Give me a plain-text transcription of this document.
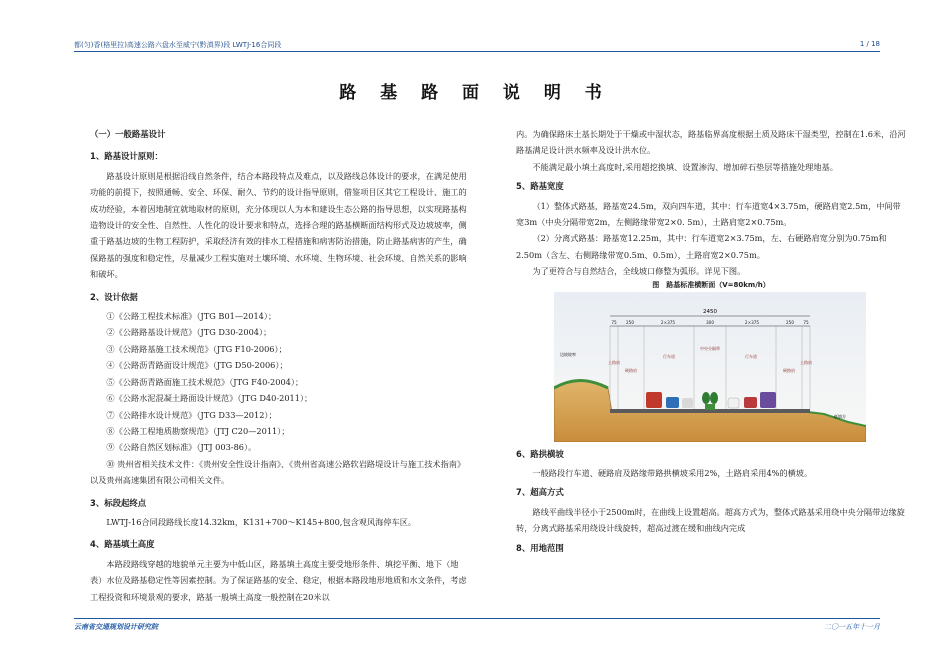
都(匀)香(格里拉)高速公路六盘水至威宁(黔滇界)段 LWTJ-16合同段	1 / 18
路 基 路 面 说 明 书
（一）一般路基设计
1、路基设计原则：

路基设计原则是根据沿线自然条件，结合本路段特点及难点，以及路线总体设计的要求，在满足使用功能的前提下，按照通畅、安全、环保、耐久、节约的设计指导原则，借鉴项目区其它工程设计、施工的成功经验，本着因地制宜就地取材的原则，充分体现以人为本和建设生态公路的指导思想，以实现路基构造物设计的安全性、自然性、人性化的设计要求和特点，选择合理的路基横断面结构形式及边坡坡率，侧重于路基边坡的生物工程防护，采取经济有效的排水工程措施和病害防治措施，防止路基病害的产生，确保路基的强度和稳定性，尽量减少工程实施对土壤环境、水环境、生物环境、社会环境、自然关系的影响和破坏。

2、设计依据

①《公路工程技术标准》（JTG B01—2014）；

②《公路路基设计规范》（JTG D30-2004）；

③《公路路基施工技术规范》（JTG F10-2006）；

④《公路沥青路面设计规范》（JTG D50-2006）；

⑤《公路沥青路面施工技术规范》（JTG F40-2004）；

⑥《公路水泥混凝土路面设计规范》（JTG D40-2011）；

⑦《公路排水设计规范》（JTG D33—2012）；

⑧《公路工程地质勘察规范》（JTJ C20—2011）；

⑨《公路自然区划标准》（JTJ 003-86）。

⑩ 贵州省相关技术文件：《贵州安全性设计指南》、《贵州省高速公路软岩路堤设计与施工技术指南》以及贵州高速集团有限公司相关文件。

3、标段起终点

LWTJ-16合同段路线长度14.32km，K131+700～K145+800,包含观风海停车区。

4、路基填土高度

本路段路线穿越的地貌单元主要为中低山区，路基填土高度主要受地形条件、填挖平衡、地下（地表）水位及路基稳定性等因素控制。为了保证路基的安全、稳定，根据本路段地形地质和水文条件，考虑工程投资和环境景观的要求，路基一般填土高度一般控制在20米以

内。为确保路床土基长期处于干燥或中湿状态，路基临界高度根据土质及路床干湿类型，控制在1.6米，沿河路基满足设计洪水频率及设计洪水位。

不能满足最小填土高度时,采用超挖换填、设置渗沟、增加碎石垫层等措施处理地基。

5、路基宽度

（1）整体式路基，路基宽24.5m，双向四车道，其中：行车道宽4×3.75m，硬路肩宽2.5m，中间带宽3m（中央分隔带宽2m，左侧路缘带宽2×0. 5m），土路肩宽2×0.75m。

（2）分离式路基：路基宽12.25m，其中：行车道宽2×3.75m，左、右硬路肩宽分别为0.75m和2.50m（含左、右侧路缘带宽0.5m、0.5m），土路肩宽2×0.75m。

为了更符合与自然结合，全线坡口修整为弧形。详见下图。

图　路基标准横断面（V=80km/h）
2450
75 250	2×375	300	2×375	250 75
土路肩
硬路肩
行车道
中央分隔带
行车道
硬路肩
土路肩
边坡坡率
低填方
6、路拱横坡

一般路段行车道、硬路肩及路缘带路拱横坡采用2%，土路肩采用4%的横坡。

7、超高方式

路线平曲线半径小于2500m时，在曲线上设置超高。超高方式为，整体式路基采用绕中央分隔带边缘旋转，分离式路基采用绕设计线旋转，超高过渡在缓和曲线内完成

8、用地范围
云南省交通规划设计研究院	二〇一五年十一月
